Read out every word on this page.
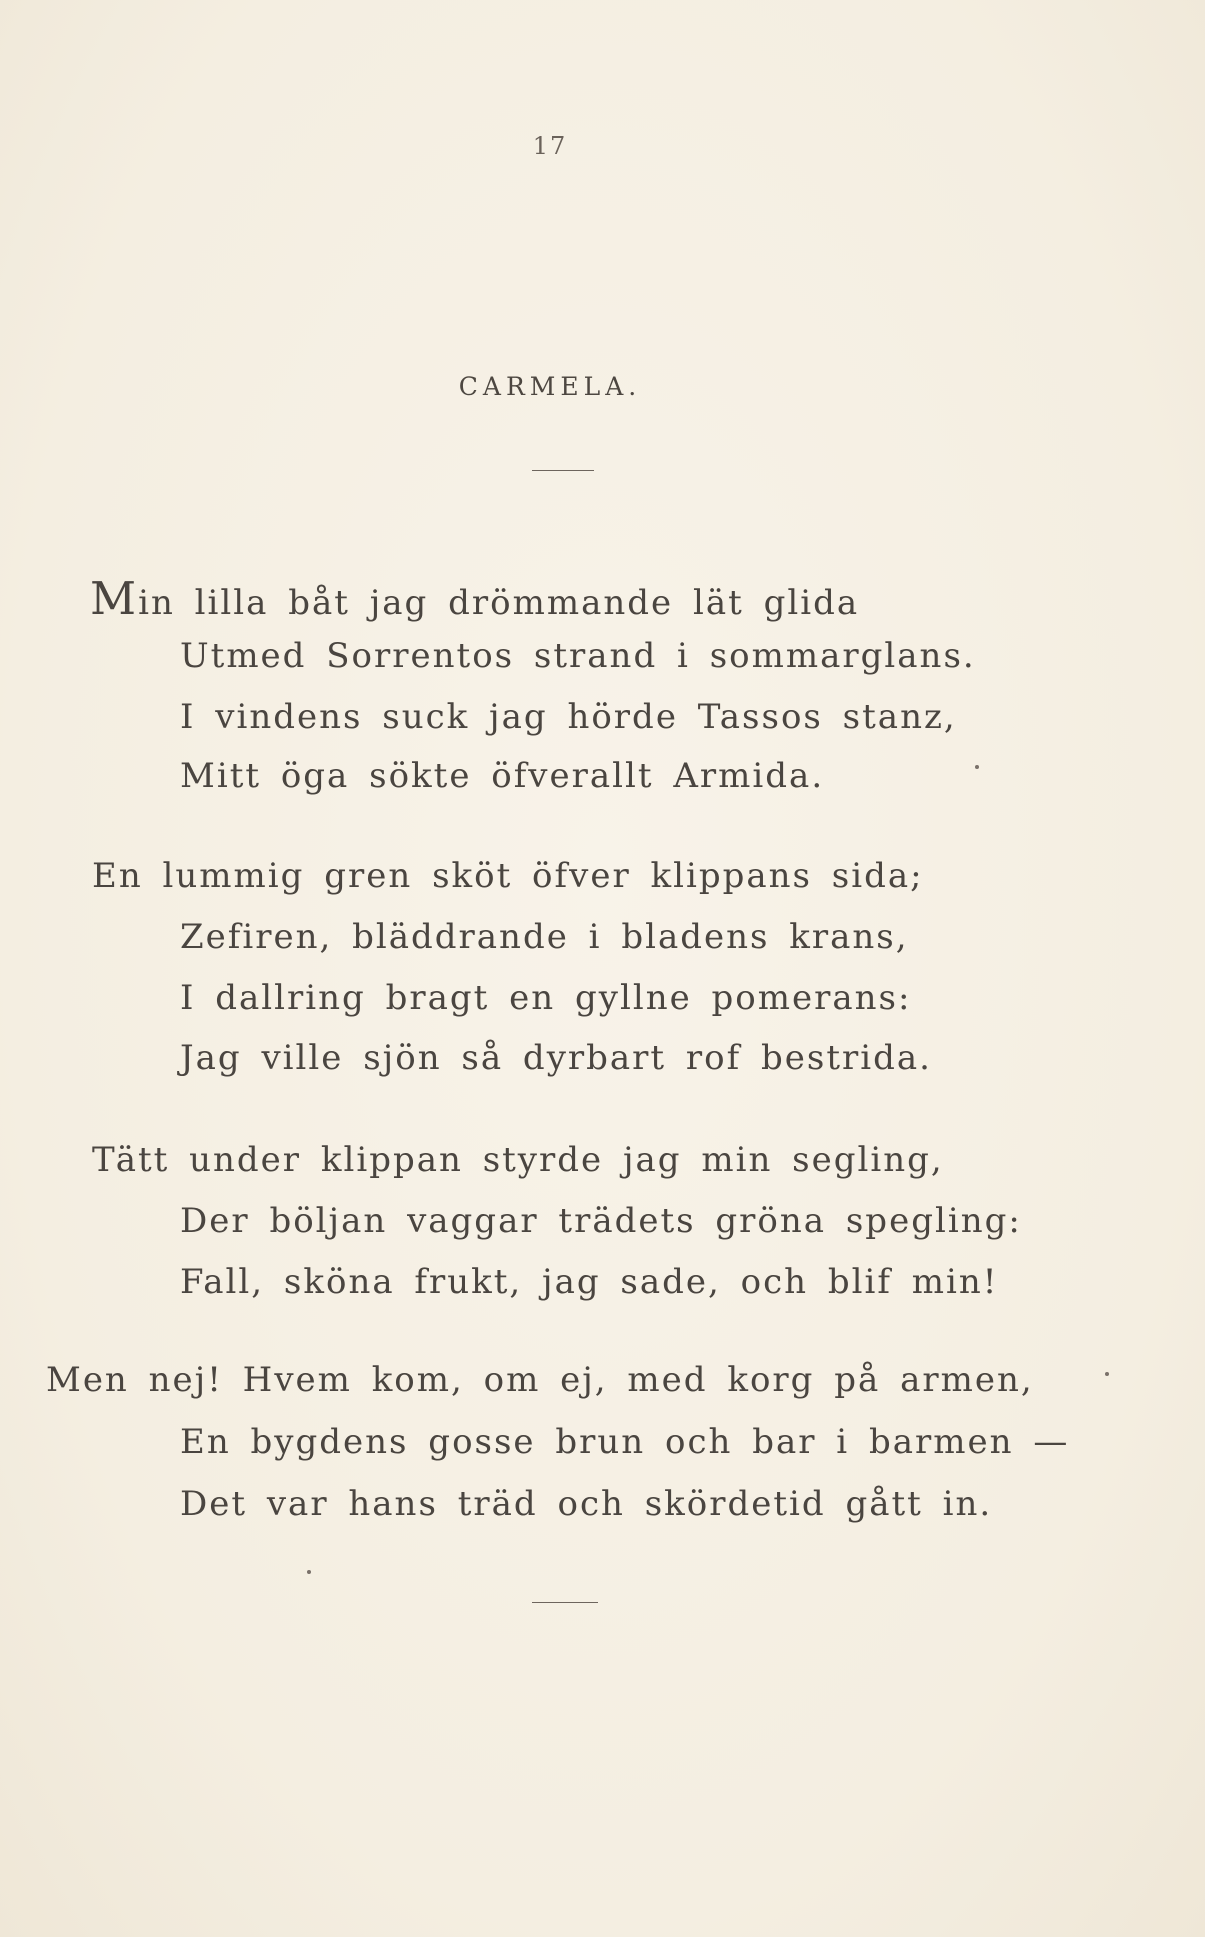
17
CARMELA.
Min lilla båt jag drömmande lät glida
Utmed Sorrentos strand i sommarglans.
I vindens suck jag hörde Tassos stanz,
Mitt öga sökte öfverallt Armida.
En lummig gren sköt öfver klippans sida;
Zefiren, bläddrande i bladens krans,
I dallring bragt en gyllne pomerans:
Jag ville sjön så dyrbart rof bestrida.
Tätt under klippan styrde jag min segling,
Der böljan vaggar trädets gröna spegling:
Fall, sköna frukt, jag sade, och blif min!
Men nej! Hvem kom, om ej, med korg på armen,
En bygdens gosse brun och bar i barmen —
Det var hans träd och skördetid gått in.
